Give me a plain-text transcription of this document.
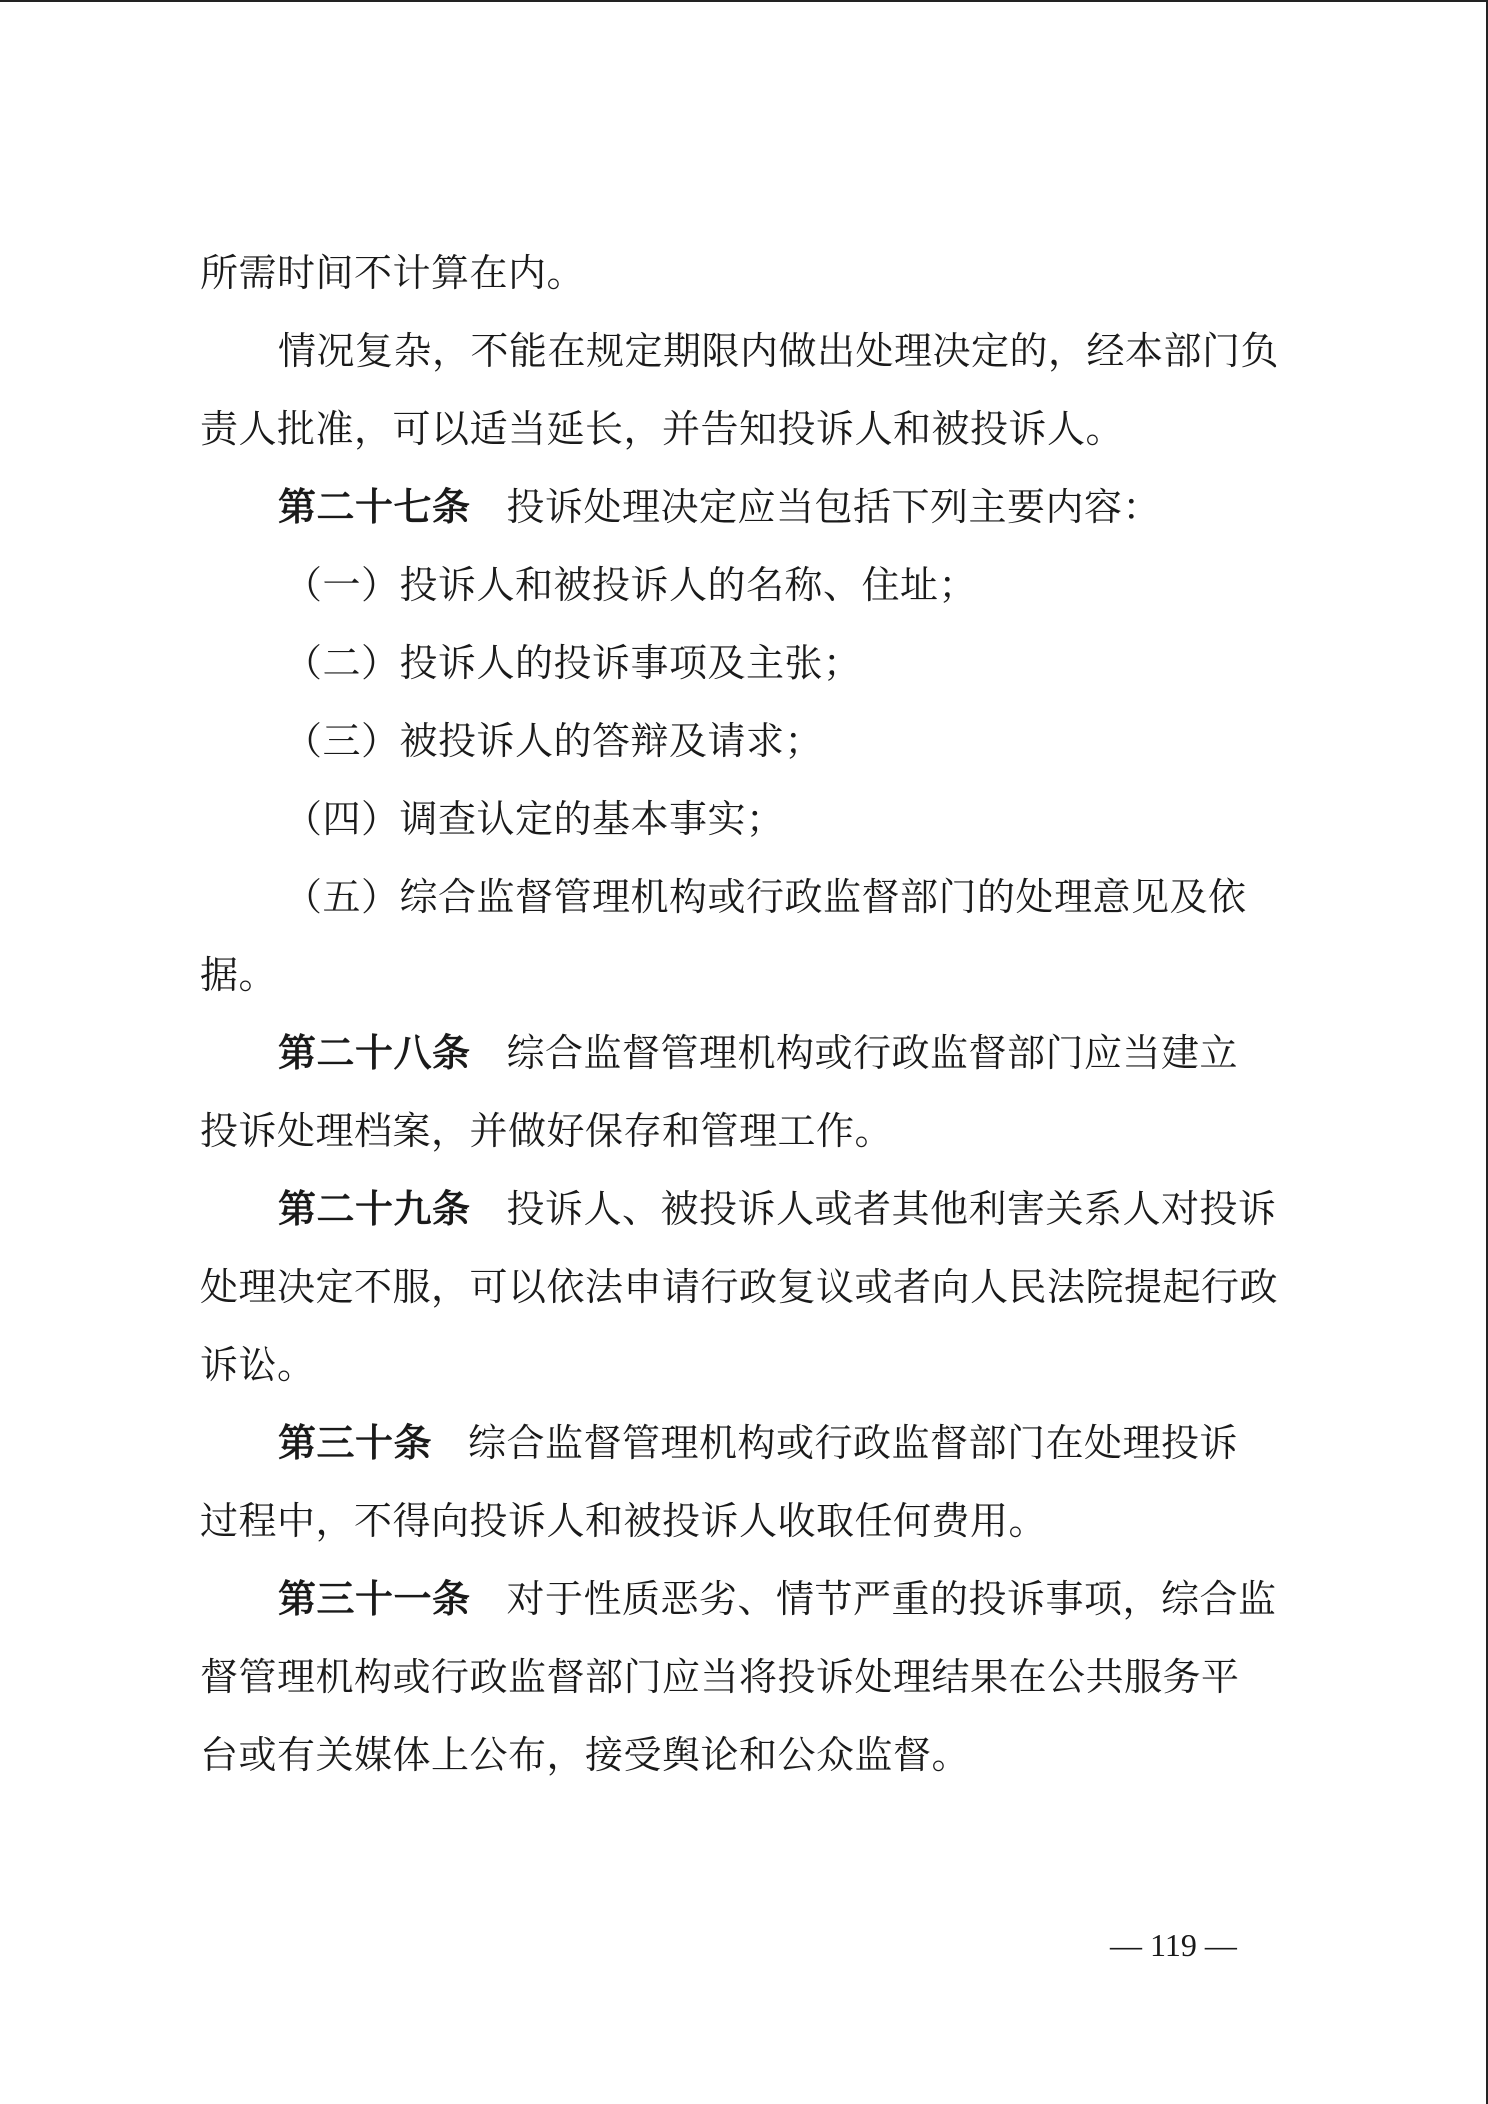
所需时间不计算在内。
情况复杂，不能在规定期限内做出处理决定的，经本部门负
责人批准，可以适当延长，并告知投诉人和被投诉人。
第二十七条 投诉处理决定应当包括下列主要内容：
（一）投诉人和被投诉人的名称、住址；
（二）投诉人的投诉事项及主张；
（三）被投诉人的答辩及请求；
（四）调查认定的基本事实；
（五）综合监督管理机构或行政监督部门的处理意见及依
据。
第二十八条 综合监督管理机构或行政监督部门应当建立
投诉处理档案，并做好保存和管理工作。
第二十九条 投诉人、被投诉人或者其他利害关系人对投诉
处理决定不服，可以依法申请行政复议或者向人民法院提起行政
诉讼。
第三十条 综合监督管理机构或行政监督部门在处理投诉
过程中，不得向投诉人和被投诉人收取任何费用。
第三十一条 对于性质恶劣、情节严重的投诉事项，综合监
督管理机构或行政监督部门应当将投诉处理结果在公共服务平
台或有关媒体上公布，接受舆论和公众监督。
— 119 —
